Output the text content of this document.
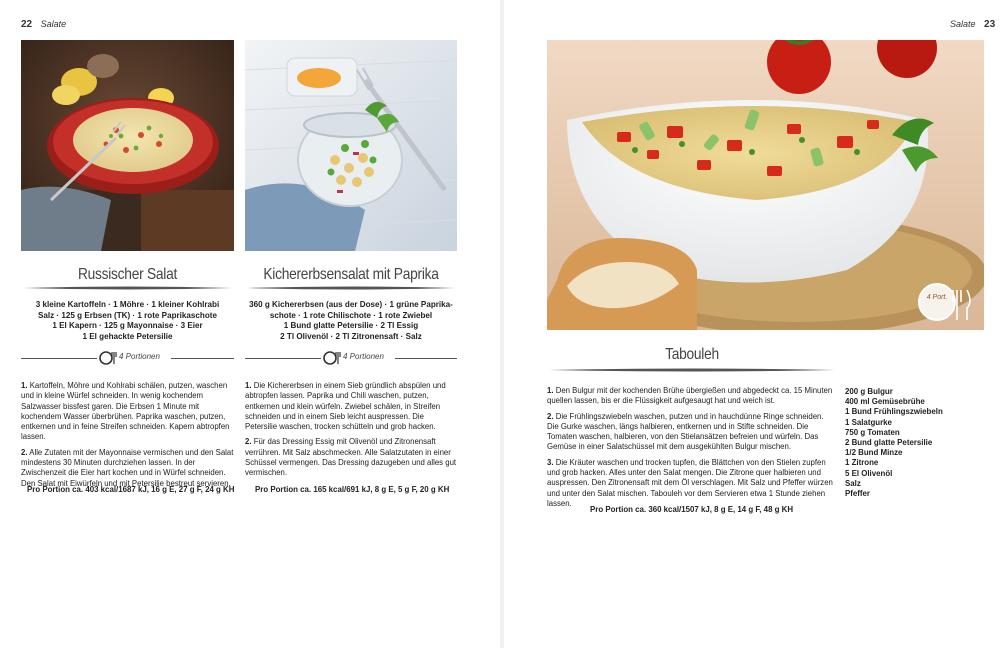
22 Salate	Salate 23
4 Port.
Russischer Salat
3 kleine Kartoffeln · 1 Möhre · 1 kleiner Kohlrabi
Salz · 125 g Erbsen (TK) · 1 rote Paprikaschote
1 El Kapern · 125 g Mayonnaise · 3 Eier
1 El gehackte Petersilie
4 Portionen

1. Kartoffeln, Möhre und Kohlrabi schälen, putzen, waschen und in kleine Würfel schneiden. In wenig kochendem Salzwasser bissfest garen. Die Erbsen 1 Minute mit kochendem Wasser überbrühen. Paprika waschen, putzen, entkernen und in feine Streifen schneiden. Kapern abtropfen lassen.

2. Alle Zutaten mit der Mayonnaise vermischen und den Salat mindestens 30 Minuten durchziehen lassen. In der Zwischenzeit die Eier hart kochen und in Würfel schneiden. Den Salat mit Eiwürfeln und mit Petersilie bestreut servieren.

Pro Portion ca. 403 kcal/1687 kJ, 16 g E, 27 g F, 24 g KH
Kichererbsensalat mit Paprika
360 g Kichererbsen (aus der Dose) · 1 grüne Paprika-
schote · 1 rote Chilischote · 1 rote Zwiebel
1 Bund glatte Petersilie · 2 Tl Essig
2 Tl Olivenöl · 2 Tl Zitronensaft · Salz
4 Portionen

1. Die Kichererbsen in einem Sieb gründlich abspülen und abtropfen lassen. Paprika und Chili waschen, putzen, entkernen und klein würfeln. Zwiebel schälen, in Streifen schneiden und in einem Sieb leicht auspressen. Die Petersilie waschen, trocken schütteln und grob hacken.

2. Für das Dressing Essig mit Olivenöl und Zitronensaft verrühren. Mit Salz abschmecken. Alle Salatzutaten in einer Schüssel vermengen. Das Dressing dazugeben und alles gut vermischen.

Pro Portion ca. 165 kcal/691 kJ, 8 g E, 5 g F, 20 g KH
Tabouleh

1. Den Bulgur mit der kochenden Brühe übergießen und abgedeckt ca. 15 Minuten quellen lassen, bis er die Flüssigkeit aufgesaugt hat und weich ist.

2. Die Frühlingszwiebeln waschen, putzen und in hauchdünne Ringe schneiden. Die Gurke waschen, längs halbieren, entkernen und in Stifte schneiden. Die Tomaten waschen, halbieren, von den Stielansätzen befreien und würfeln. Das Gemüse in einer Salatschüssel mit dem ausgekühlten Bulgur mischen.

3. Die Kräuter waschen und trocken tupfen, die Blättchen von den Stielen zupfen und grob hacken. Alles unter den Salat mengen. Die Zitrone quer halbieren und auspressen. Den Zitronensaft mit dem Öl verschlagen. Mit Salz und Pfeffer würzen und unter den Salat mischen. Tabouleh vor dem Servieren etwa 1 Stunde ziehen lassen.

200 g Bulgur
400 ml Gemüsebrühe
1 Bund Frühlingszwiebeln
1 Salatgurke
750 g Tomaten
2 Bund glatte Petersilie
1/2 Bund Minze
1 Zitrone
5 El Olivenöl
Salz
Pfeffer
Pro Portion ca. 360 kcal/1507 kJ, 8 g E, 14 g F, 48 g KH
